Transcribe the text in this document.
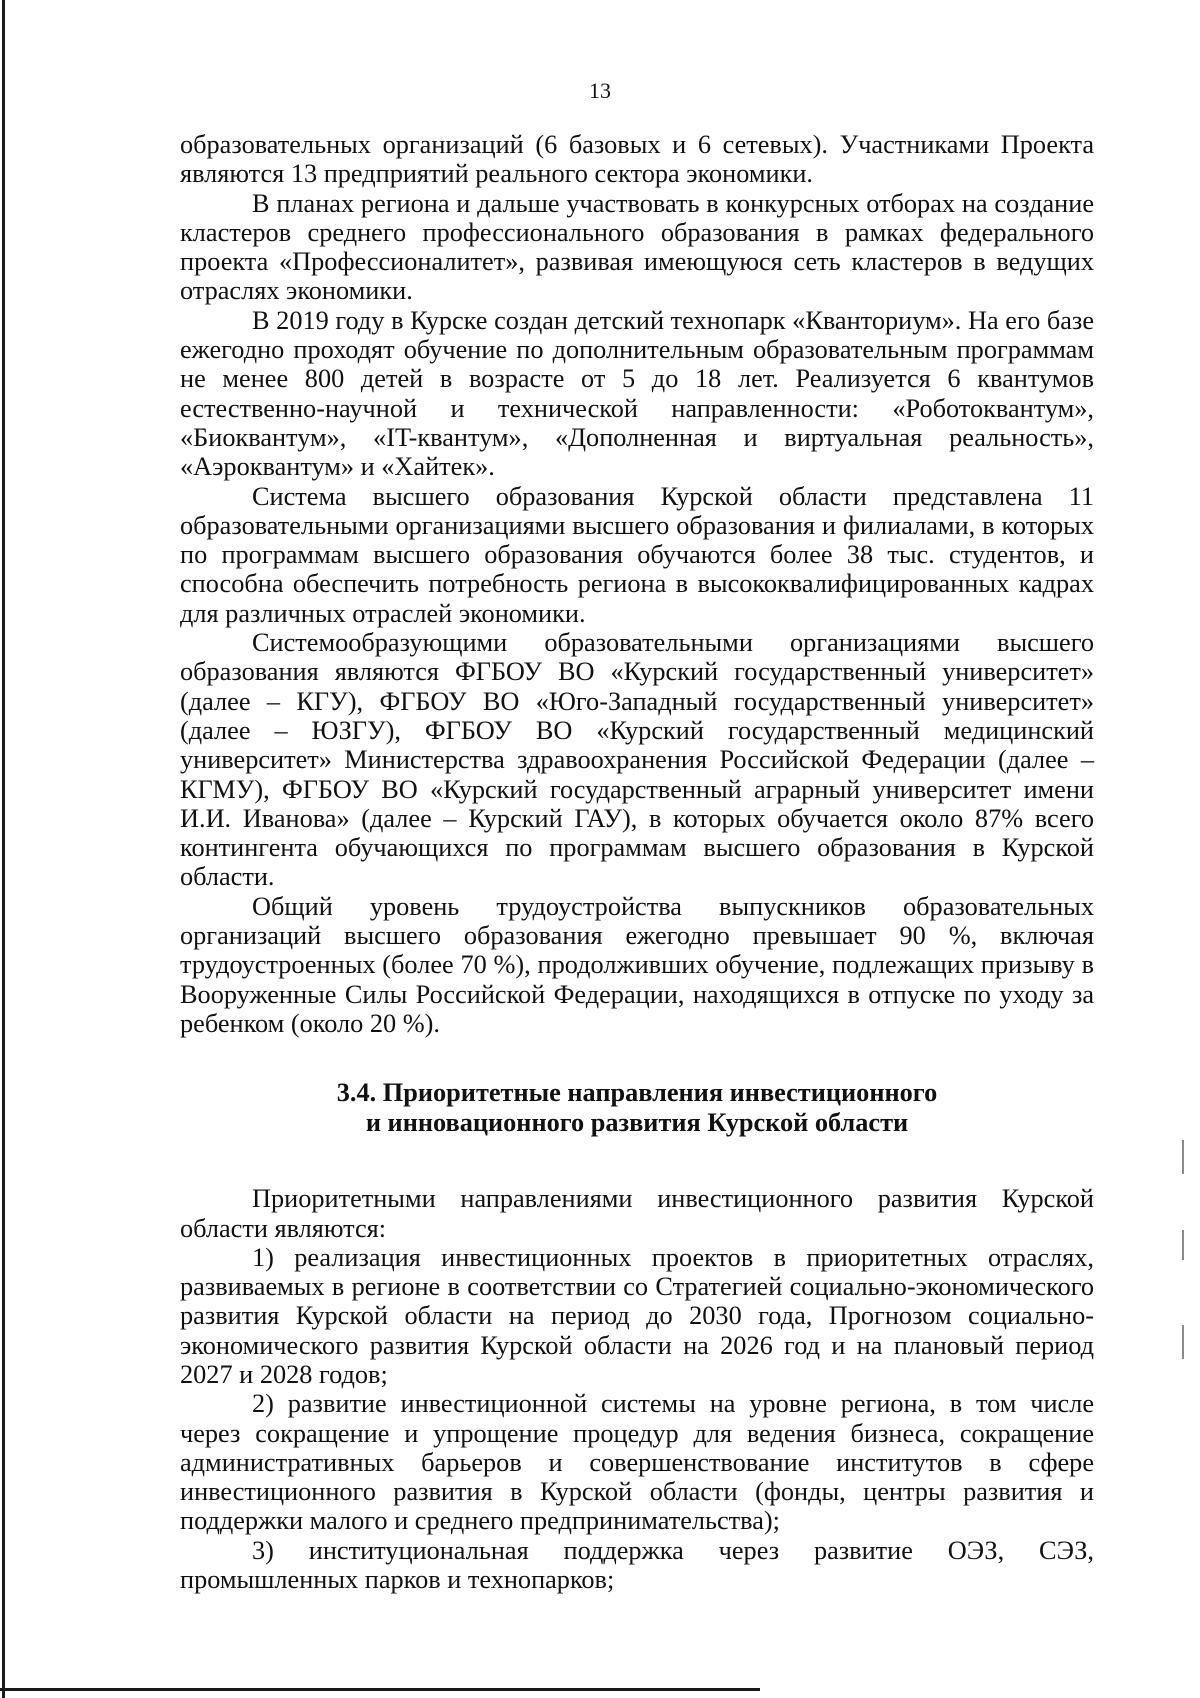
13

образовательных организаций (6 базовых и 6 сетевых). Участниками Проекта являются 13 предприятий реального сектора экономики.

В планах региона и дальше участвовать в конкурсных отборах на создание кластеров среднего профессионального образования в рамках федерального проекта «Профессионалитет», развивая имеющуюся сеть кластеров в ведущих отраслях экономики.

В 2019 году в Курске создан детский технопарк «Кванториум». На его базе ежегодно проходят обучение по дополнительным образовательным программам не менее 800 детей в возрасте от 5 до 18 лет. Реализуется 6 квантумов естественно-научной и технической направленности: «Роботоквантум», «Биоквантум», «IT-квантум», «Дополненная и виртуальная реальность», «Аэроквантум» и «Хайтек».

Система высшего образования Курской области представлена 11 образовательными организациями высшего образования и филиалами, в которых по программам высшего образования обучаются более 38 тыс. студентов, и способна обеспечить потребность региона в высококвалифицированных кадрах для различных отраслей экономики.

Системообразующими образовательными организациями высшего образования являются ФГБОУ ВО «Курский государственный университет» (далее – КГУ), ФГБОУ ВО «Юго-Западный государственный университет» (далее – ЮЗГУ), ФГБОУ ВО «Курский государственный медицинский университет» Министерства здравоохранения Российской Федерации (далее – КГМУ), ФГБОУ ВО «Курский государственный аграрный университет имени И.И. Иванова» (далее – Курский ГАУ), в которых обучается около 87% всего контингента обучающихся по программам высшего образования в Курской области.

Общий уровень трудоустройства выпускников образовательных организаций высшего образования ежегодно превышает 90 %, включая трудоустроенных (более 70 %), продолживших обучение, подлежащих призыву в Вооруженные Силы Российской Федерации, находящихся в отпуске по уходу за ребенком (около 20 %).

3.4. Приоритетные направления инвестиционного
и инновационного развития Курской области

Приоритетными направлениями инвестиционного развития Курской области являются:

1) реализация инвестиционных проектов в приоритетных отраслях, развиваемых в регионе в соответствии со Стратегией социально-экономического развития Курской области на период до 2030 года, Прогнозом социально-экономического развития Курской области на 2026 год и на плановый период 2027 и 2028 годов;

2) развитие инвестиционной системы на уровне региона, в том числе через сокращение и упрощение процедур для ведения бизнеса, сокращение административных барьеров и совершенствование институтов в сфере инвестиционного развития в Курской области (фонды, центры развития и поддержки малого и среднего предпринимательства);

3) институциональная поддержка через развитие ОЭЗ, СЭЗ, промышленных парков и технопарков;
